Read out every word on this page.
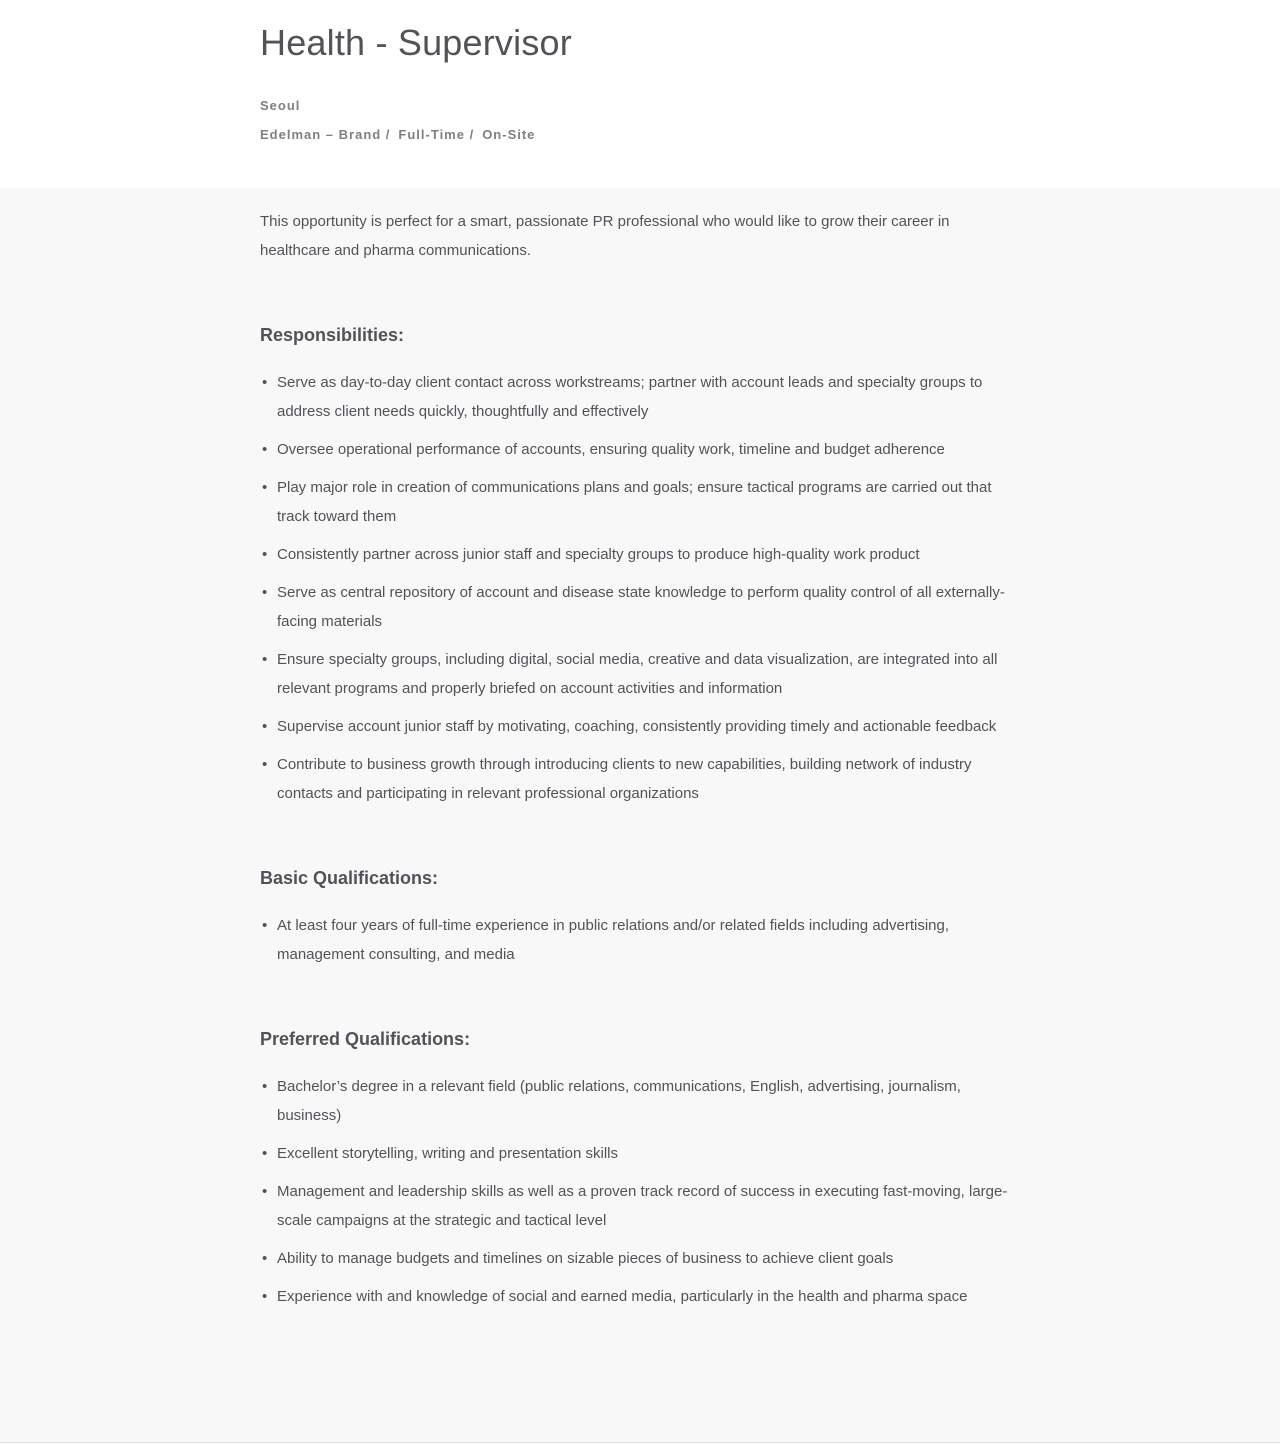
Health - Supervisor
Seoul
Edelman – Brand / Full-Time / On-Site

This opportunity is perfect for a smart, passionate PR professional who would like to grow their career in healthcare and pharma communications.

Responsibilities:
• Serve as day-to-day client contact across workstreams; partner with account leads and specialty groups to address client needs quickly, thoughtfully and effectively
• Oversee operational performance of accounts, ensuring quality work, timeline and budget adherence
• Play major role in creation of communications plans and goals; ensure tactical programs are carried out that track toward them
• Consistently partner across junior staff and specialty groups to produce high-quality work product
• Serve as central repository of account and disease state knowledge to perform quality control of all externally-facing materials
• Ensure specialty groups, including digital, social media, creative and data visualization, are integrated into all relevant programs and properly briefed on account activities and information
• Supervise account junior staff by motivating, coaching, consistently providing timely and actionable feedback
• Contribute to business growth through introducing clients to new capabilities, building network of industry contacts and participating in relevant professional organizations
Basic Qualifications:
• At least four years of full-time experience in public relations and/or related fields including advertising, management consulting, and media
Preferred Qualifications:
• Bachelor’s degree in a relevant field (public relations, communications, English, advertising, journalism, business)
• Excellent storytelling, writing and presentation skills
• Management and leadership skills as well as a proven track record of success in executing fast-moving, large-scale campaigns at the strategic and tactical level
• Ability to manage budgets and timelines on sizable pieces of business to achieve client goals
• Experience with and knowledge of social and earned media, particularly in the health and pharma space
